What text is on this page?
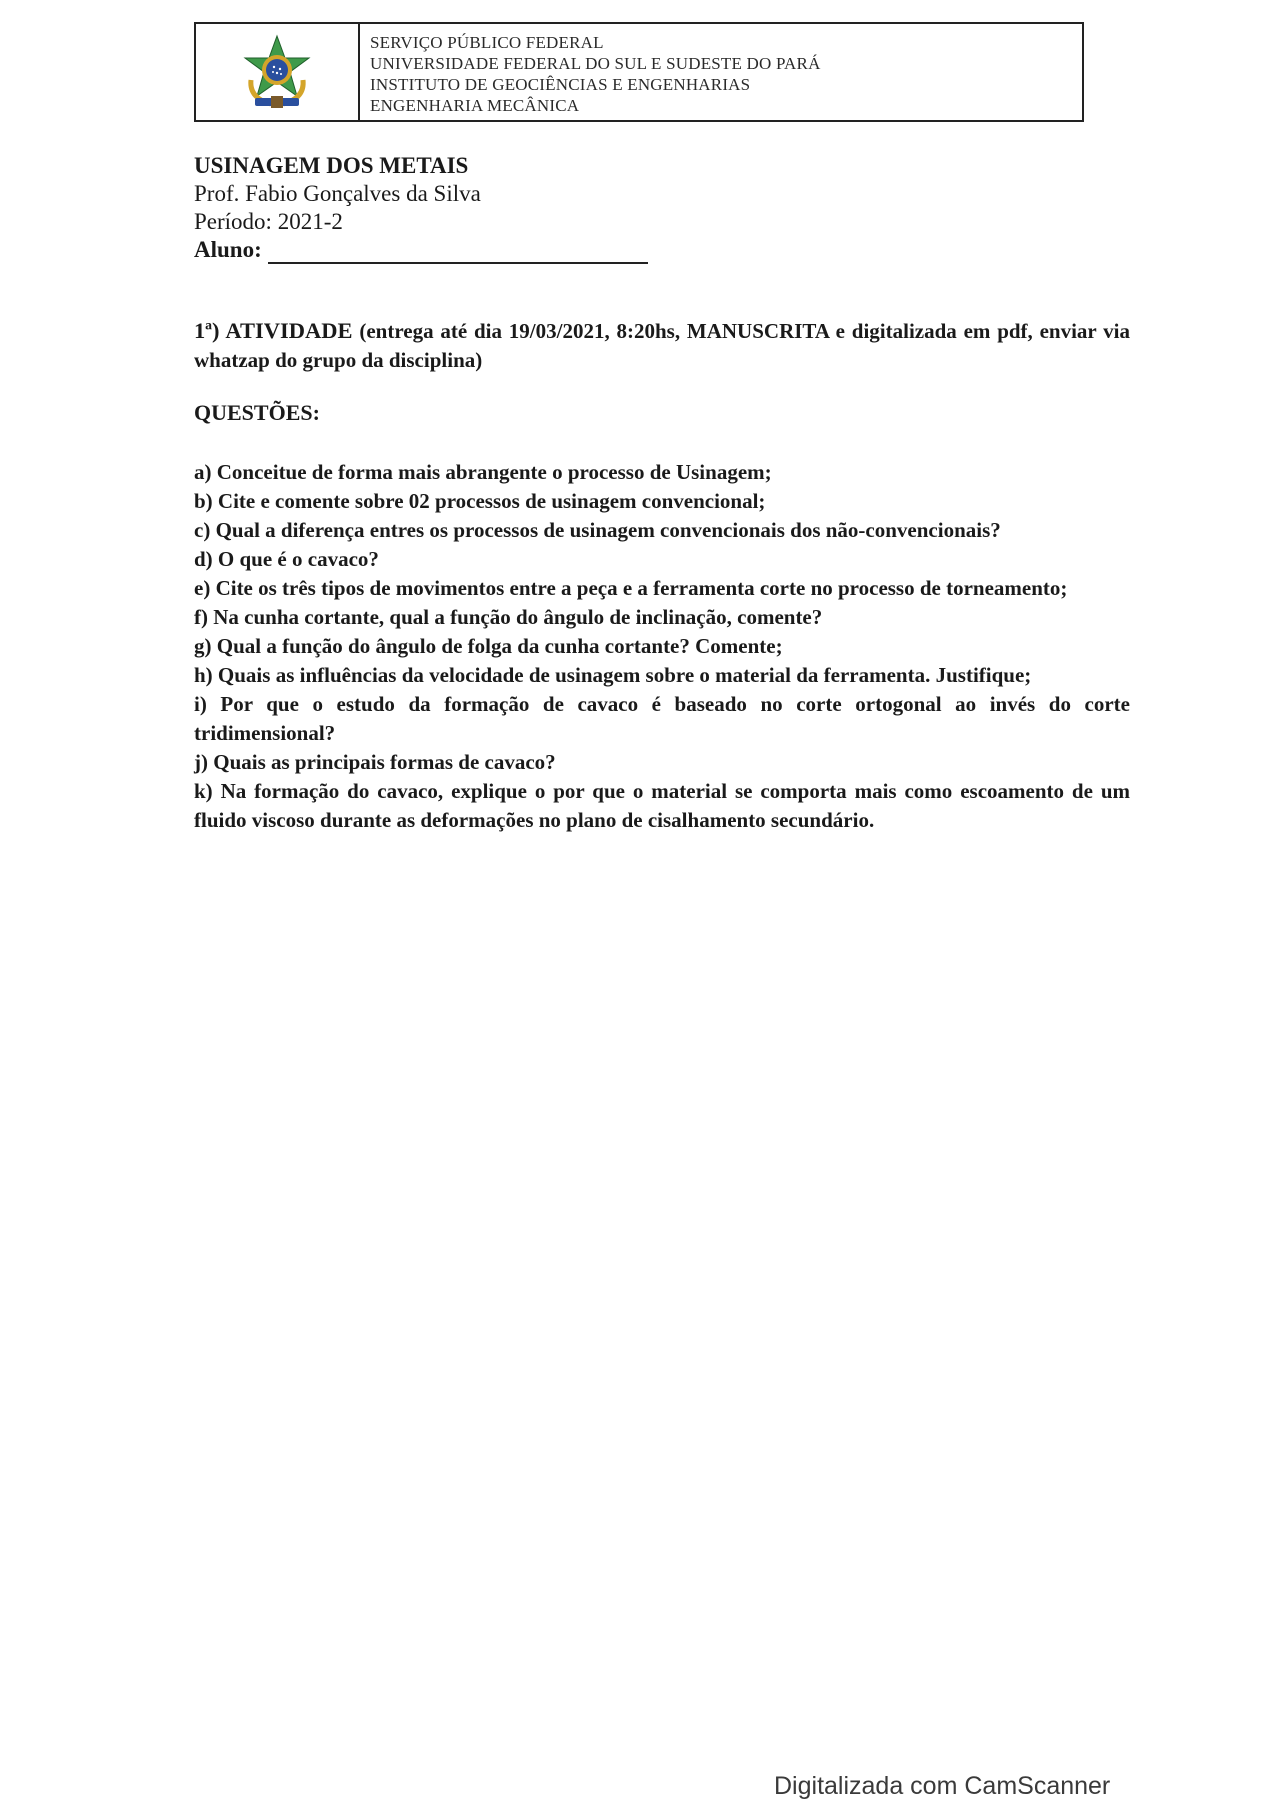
SERVIÇO PÚBLICO FEDERAL
UNIVERSIDADE FEDERAL DO SUL E SUDESTE DO PARÁ
INSTITUTO DE GEOCIÊNCIAS E ENGENHARIAS
ENGENHARIA MECÂNICA
USINAGEM DOS METAIS
Prof. Fabio Gonçalves da Silva
Período: 2021-2
Aluno:
1ª) ATIVIDADE (entrega até dia 19/03/2021, 8:20hs, MANUSCRITA e digitalizada em pdf, enviar via whatzap do grupo da disciplina)
QUESTÕES:

a) Conceitue de forma mais abrangente o processo de Usinagem;

b) Cite e comente sobre 02 processos de usinagem convencional;

c) Qual a diferença entres os processos de usinagem convencionais dos não-convencionais?

d) O que é o cavaco?

e) Cite os três tipos de movimentos entre a peça e a ferramenta corte no processo de torneamento;

f) Na cunha cortante, qual a função do ângulo de inclinação, comente?

g) Qual a função do ângulo de folga da cunha cortante? Comente;

h) Quais as influências da velocidade de usinagem sobre o material da ferramenta. Justifique;

i) Por que o estudo da formação de cavaco é baseado no corte ortogonal ao invés do corte tridimensional?

j) Quais as principais formas de cavaco?

k) Na formação do cavaco, explique o por que o material se comporta mais como escoamento de um fluido viscoso durante as deformações no plano de cisalhamento secundário.

Digitalizada com CamScanner
